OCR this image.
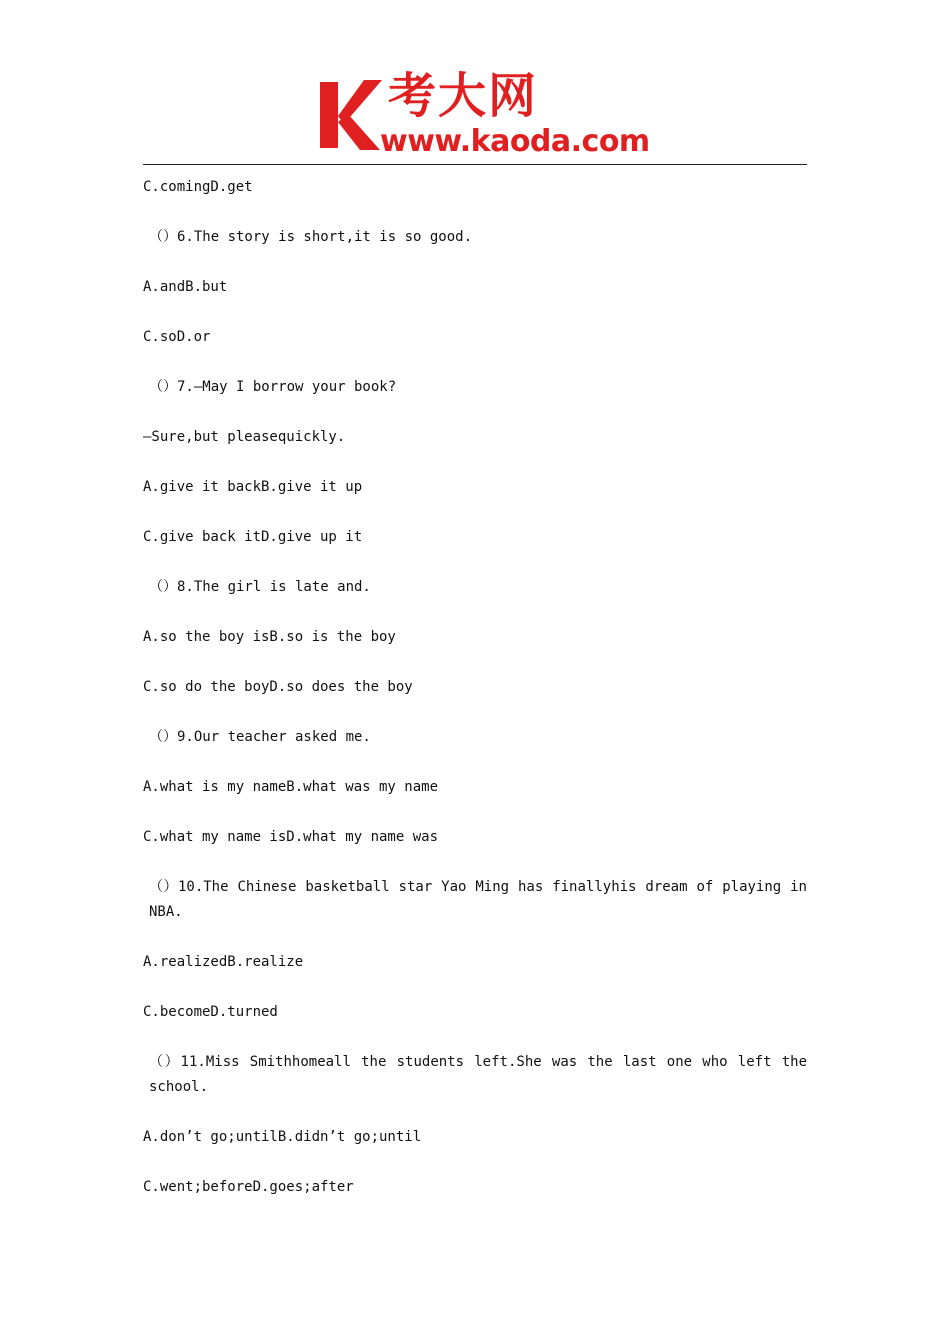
考大网
www.kaoda.com

C.comingD.get

（）6.The story is short,it is so good.

A.andB.but

C.soD.or

（）7.—May I borrow your book?

—Sure,but pleasequickly.

A.give it backB.give it up

C.give back itD.give up it

（）8.The girl is late and.

A.so the boy isB.so is the boy

C.so do the boyD.so does the boy

（）9.Our teacher asked me.

A.what is my nameB.what was my name

C.what my name isD.what my name was

（）10.The Chinese basketball star Yao Ming has finallyhis dream of playing in NBA.

A.realizedB.realize

C.becomeD.turned

（）11.Miss Smithhomeall the students left.She was the last one who left the school.

A.don’t go;untilB.didn’t go;until

C.went;beforeD.goes;after
